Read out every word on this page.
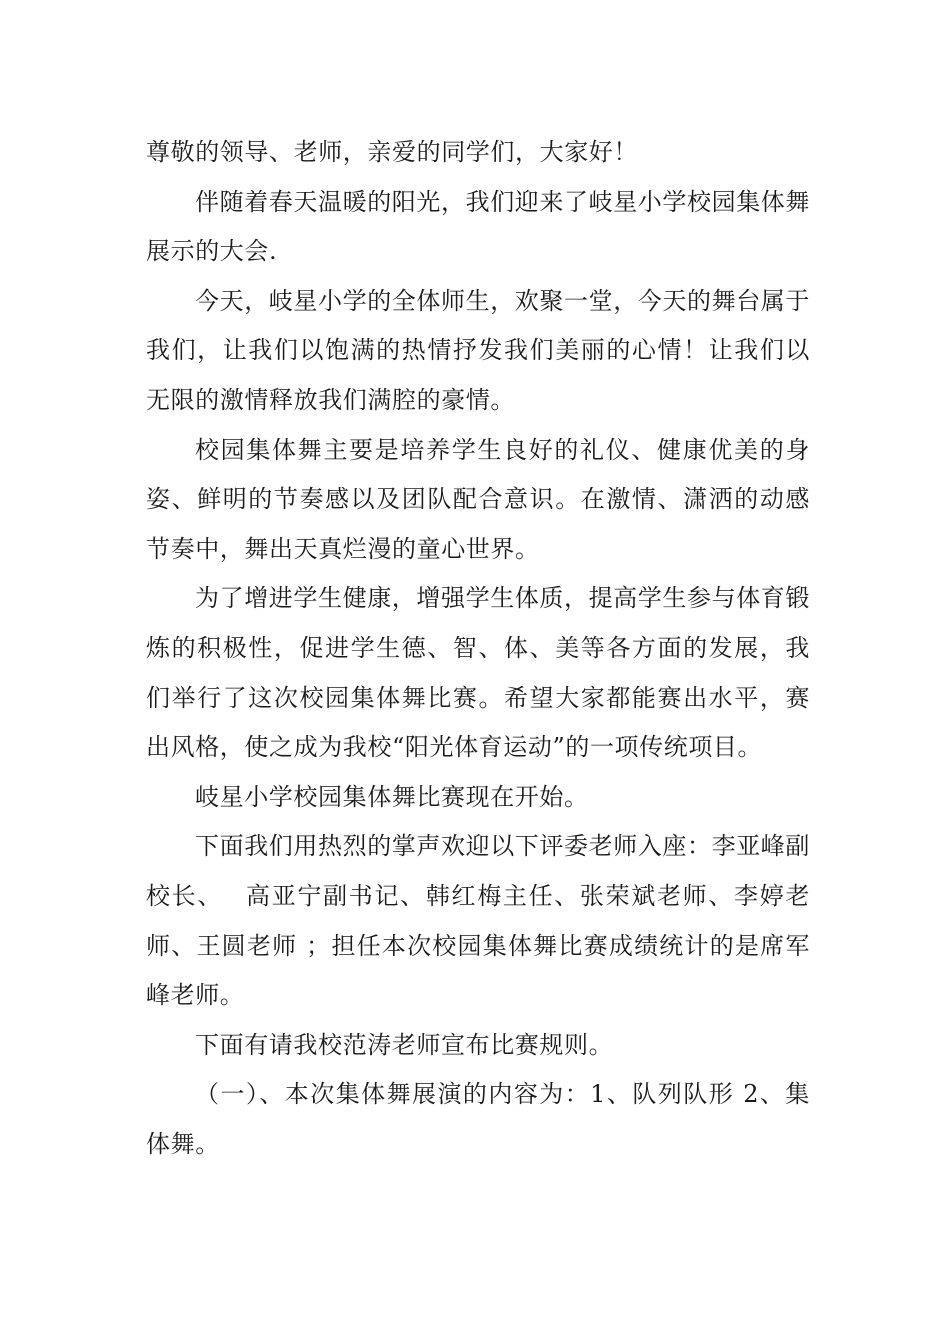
尊敬的领导、老师，亲爱的同学们，大家好！

伴随着春天温暖的阳光，我们迎来了岐星小学校园集体舞展示的大会.

今天，岐星小学的全体师生，欢聚一堂，今天的舞台属于我们，让我们以饱满的热情抒发我们美丽的心情！让我们以无限的激情释放我们满腔的豪情。

校园集体舞主要是培养学生良好的礼仪、健康优美的身姿、鲜明的节奏感以及团队配合意识。在激情、潇洒的动感节奏中，舞出天真烂漫的童心世界。

为了增进学生健康，增强学生体质，提高学生参与体育锻炼的积极性，促进学生德、智、体、美等各方面的发展，我们举行了这次校园集体舞比赛。希望大家都能赛出水平，赛出风格，使之成为我校“阳光体育运动”的一项传统项目。

岐星小学校园集体舞比赛现在开始。

下面我们用热烈的掌声欢迎以下评委老师入座：李亚峰副校长、　 高亚宁副书记、韩红梅主任、张荣斌老师、李婷老师、王圆老师 ；担任本次校园集体舞比赛成绩统计的是席军峰老师。

下面有请我校范涛老师宣布比赛规则。

（一）、本次集体舞展演的内容为：1、队列队形 2、集体舞。
